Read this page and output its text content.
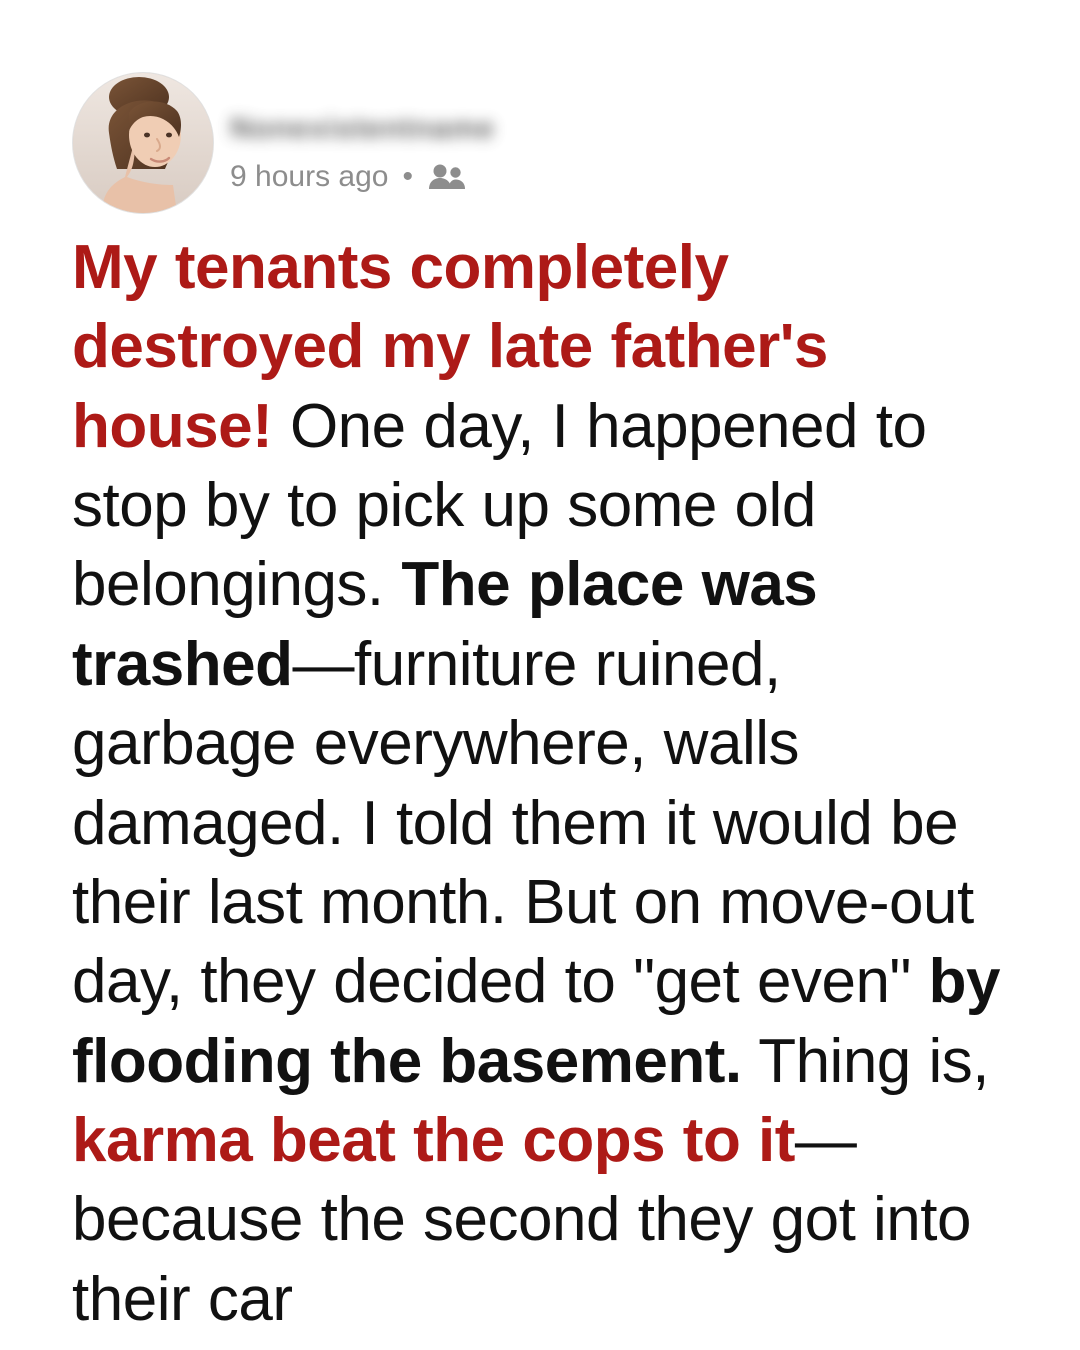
Nonexistentname
9 hours ago •
My tenants completely destroyed my late father's house! One day, I happened to stop by to pick up some old belongings. The place was trashed—furniture ruined, garbage everywhere, walls damaged. I told them it would be their last month. But on move-out day, they decided to "get even" by flooding the basement. Thing is, karma beat the cops to it—because the second they got into their car
